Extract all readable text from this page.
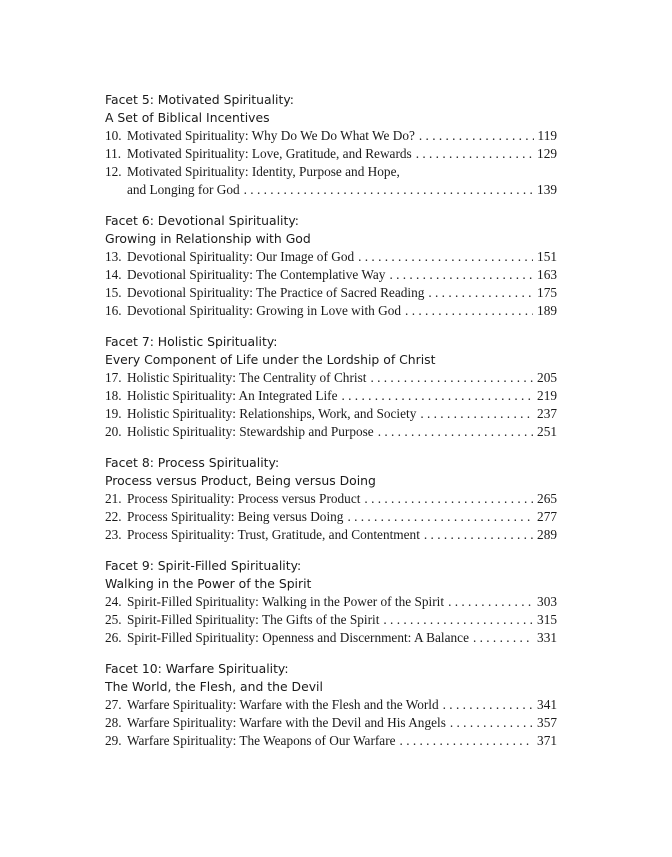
Facet 5: Motivated Spirituality:
A Set of Biblical Incentives
10. Motivated Spirituality: Why Do We Do What We Do? . . .	119
11. Motivated Spirituality: Love, Gratitude, and Rewards . . .	129
12. Motivated Spirituality: Identity, Purpose and Hope,
and Longing for God . . .	139
Facet 6: Devotional Spirituality:
Growing in Relationship with God
13. Devotional Spirituality: Our Image of God . . .	151
14. Devotional Spirituality: The Contemplative Way . . .	163
15. Devotional Spirituality: The Practice of Sacred Reading . . .	175
16. Devotional Spirituality: Growing in Love with God . . .	189
Facet 7: Holistic Spirituality:
Every Component of Life under the Lordship of Christ
17. Holistic Spirituality: The Centrality of Christ . . .	205
18. Holistic Spirituality: An Integrated Life . . .	219
19. Holistic Spirituality: Relationships, Work, and Society . . .	237
20. Holistic Spirituality: Stewardship and Purpose . . .	251
Facet 8: Process Spirituality:
Process versus Product, Being versus Doing
21. Process Spirituality: Process versus Product . . .	265
22. Process Spirituality: Being versus Doing . . .	277
23. Process Spirituality: Trust, Gratitude, and Contentment . . .	289
Facet 9: Spirit-Filled Spirituality:
Walking in the Power of the Spirit
24. Spirit-Filled Spirituality: Walking in the Power of the Spirit . . .	303
25. Spirit-Filled Spirituality: The Gifts of the Spirit . . .	315
26. Spirit-Filled Spirituality: Openness and Discernment: A Balance . . .	331
Facet 10: Warfare Spirituality:
The World, the Flesh, and the Devil
27. Warfare Spirituality: Warfare with the Flesh and the World . . .	341
28. Warfare Spirituality: Warfare with the Devil and His Angels . . .	357
29. Warfare Spirituality: The Weapons of Our Warfare . . .	371
